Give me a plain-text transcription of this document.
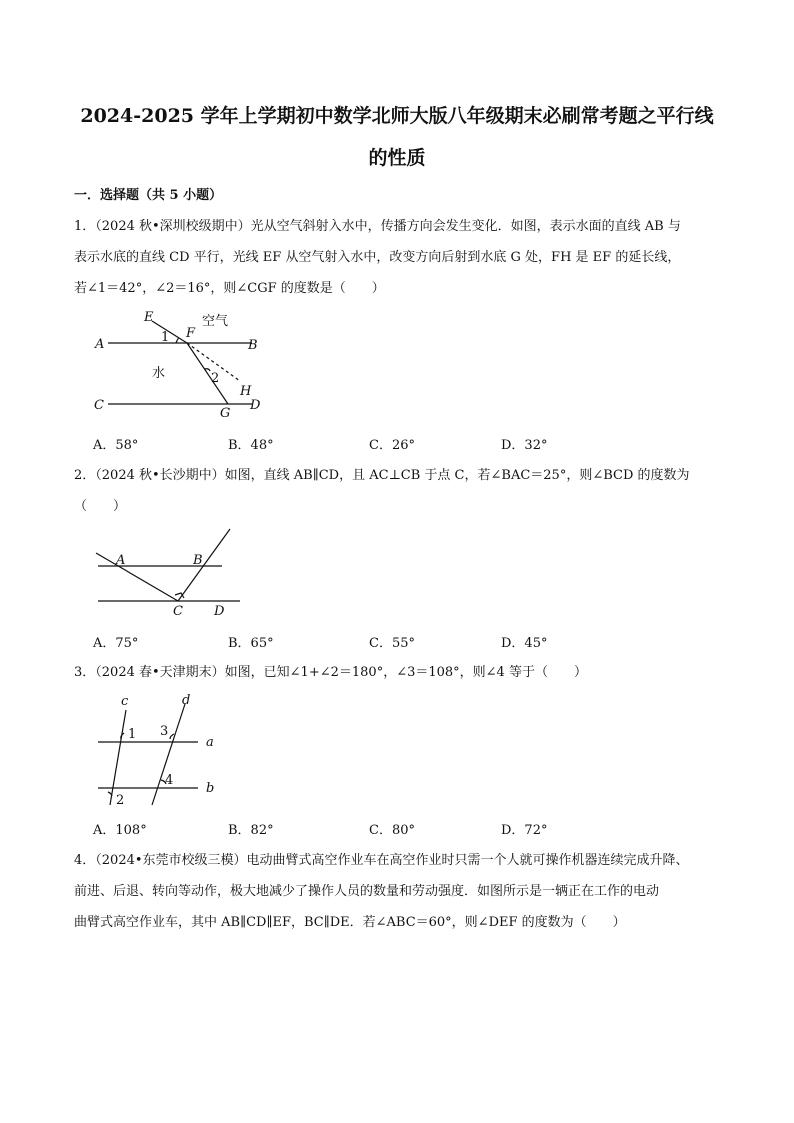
2024-2025 学年上学期初中数学北师大版八年级期末必刷常考题之平行线
的性质
一．选择题（共 5 小题）
1．（2024 秋•深圳校级期中）光从空气斜射入水中，传播方向会发生变化．如图，表示水面的直线 AB 与
表示水底的直线 CD 平行，光线 EF 从空气射入水中，改变方向后射到水底 G 处，FH 是 EF 的延长线，
若∠1＝42°，∠2＝16°，则∠CGF 的度数是（　　）
E
F
空气
A	B
1
水	2
H
C
G
D
A．58°	B．48°	C．26°	D．32°
2．（2024 秋•长沙期中）如图，直线 AB∥CD，且 AC⊥CB 于点 C，若∠BAC＝25°，则∠BCD 的度数为
（　　）
A	B
C D
A．75°	B．65°	C．55°	D．45°
3．（2024 春•天津期末）如图，已知∠1+∠2＝180°，∠3＝108°，则∠4 等于（　　）
c	d
1 3
a
4
b
2
A．108°	B．82°	C．80°	D．72°
4．（2024•东莞市校级三模）电动曲臂式高空作业车在高空作业时只需一个人就可操作机器连续完成升降、
前进、后退、转向等动作，极大地减少了操作人员的数量和劳动强度．如图所示是一辆正在工作的电动
曲臂式高空作业车，其中 AB∥CD∥EF，BC∥DE．若∠ABC＝60°，则∠DEF 的度数为（　　）
